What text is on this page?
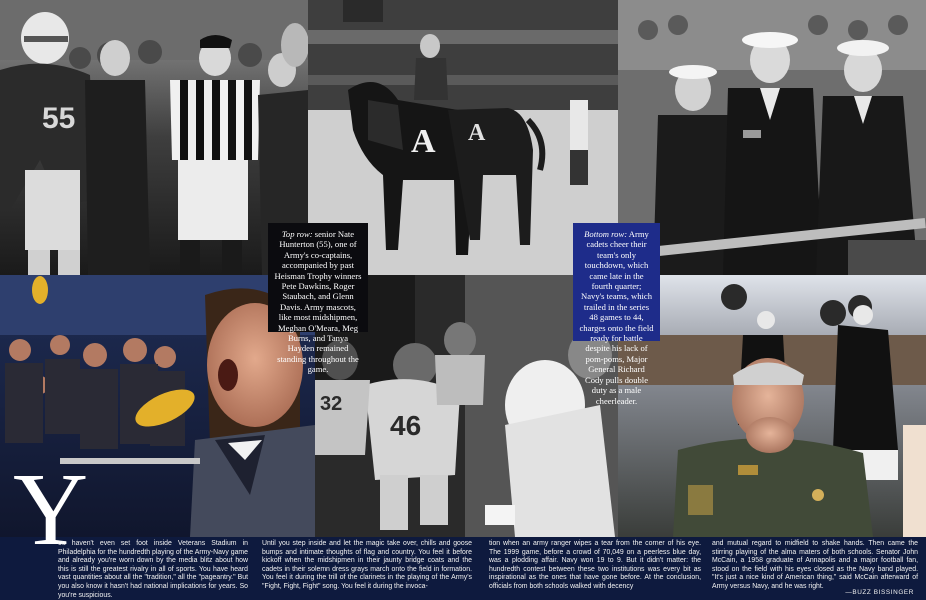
55
A A
46
32
Top row: senior Nate Hunterton (55), one of Army's co-captains, accompanied by past Heisman Trophy winners Pete Dawkins, Roger Staubach, and Glenn Davis. Army mascots, like most midshipmen, Meghan O'Meara, Meg Burns, and Tanya Hayden remained standing throughout the game.
Bottom row: Army cadets cheer their team's only touchdown, which came late in the fourth quarter; Navy's teams, which trailed in the series 48 games to 44, charges onto the field ready for battle despite his lack of pom-poms, Major General Richard Cody pulls double duty as a male cheerleader.
Y

ou haven't even set foot inside Veterans Stadium in Philadelphia for the hundredth playing of the Army-Navy game and already you're worn down by the media blitz about how this is still the greatest rivalry in all of sports. You have heard vast quantities about all the "tradition," all the "pageantry." But you also know it hasn't had national implications for years. So you're suspicious.

Until you step inside and let the magic take over, chills and goose bumps and intimate thoughts of flag and country. You feel it before kickoff when the midshipmen in their jaunty bridge coats and the cadets in their solemn dress grays march onto the field in formation. You feel it during the trill of the clarinets in the playing of the Army's "Fight, Fight, Fight" song. You feel it during the invoca-

tion when an army ranger wipes a tear from the corner of his eye. The 1999 game, before a crowd of 70,049 on a peerless blue day, was a plodding affair. Navy won 19 to 9. But it didn't matter: the hundredth contest between these two institutions was every bit as inspirational as the ones that have gone before. At the conclusion, officials from both schools walked with decency

and mutual regard to midfield to shake hands. Then came the stirring playing of the alma maters of both schools. Senator John McCain, a 1958 graduate of Annapolis and a major football fan, stood on the field with his eyes closed as the Navy band played. "It's just a nice kind of American thing," said McCain afterward of Army versus Navy, and he was right.

—BUZZ BISSINGER
